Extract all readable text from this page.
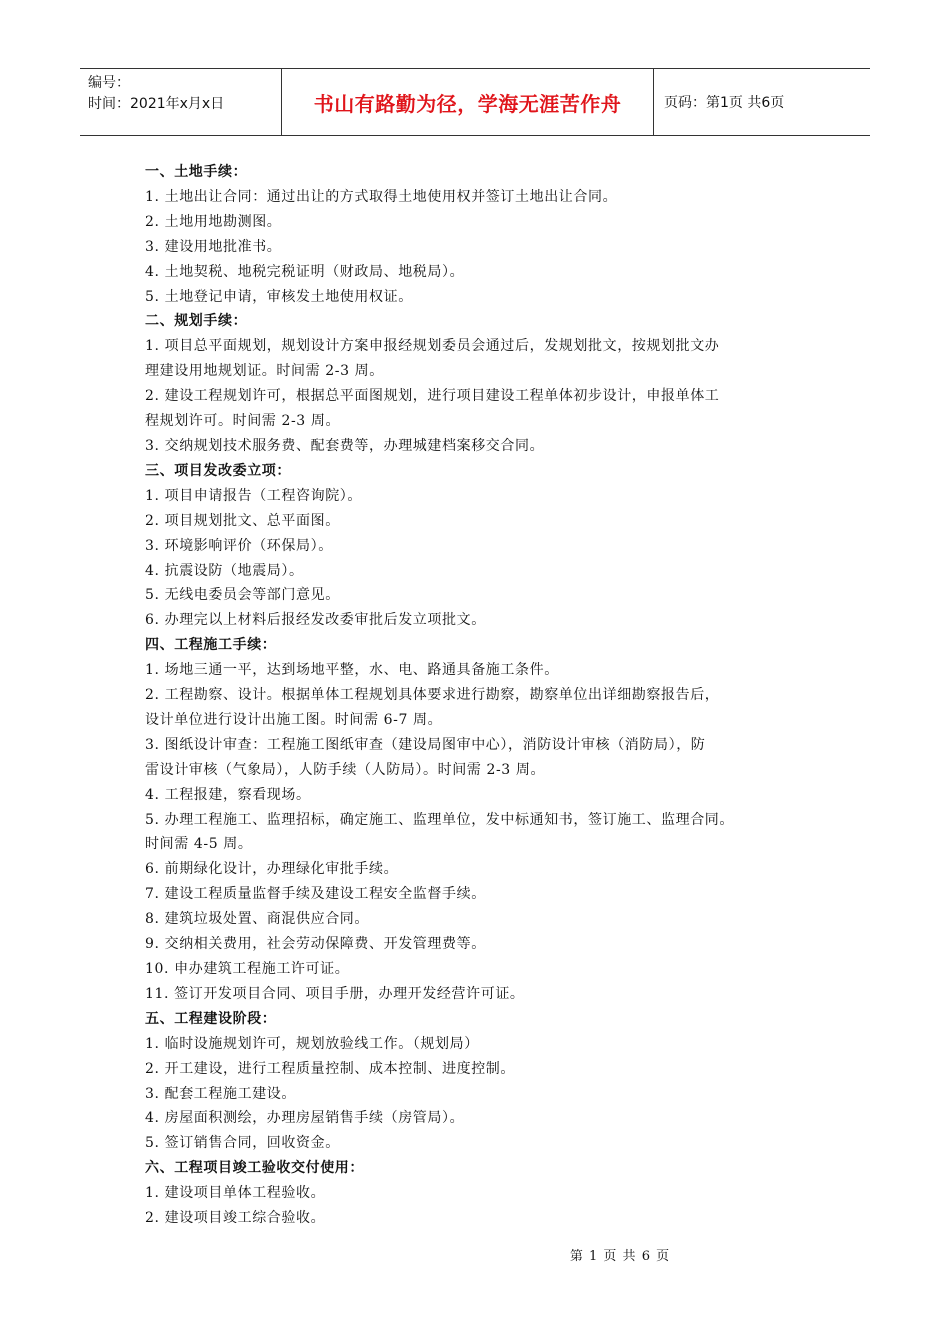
编号：
时间：2021年x月x日	书山有路勤为径，学海无涯苦作舟	页码：第1页 共6页

一、土地手续：

1. 土地出让合同：通过出让的方式取得土地使用权并签订土地出让合同。

2. 土地用地勘测图。

3. 建设用地批准书。

4. 土地契税、地税完税证明（财政局、地税局）。

5. 土地登记申请，审核发土地使用权证。

二、规划手续：

1. 项目总平面规划，规划设计方案申报经规划委员会通过后，发规划批文，按规划批文办

理建设用地规划证。时间需 2-3 周。

2. 建设工程规划许可，根据总平面图规划，进行项目建设工程单体初步设计，申报单体工

程规划许可。时间需 2-3 周。

3. 交纳规划技术服务费、配套费等，办理城建档案移交合同。

三、项目发改委立项：

1. 项目申请报告（工程咨询院）。

2. 项目规划批文、总平面图。

3. 环境影响评价（环保局）。

4. 抗震设防（地震局）。

5. 无线电委员会等部门意见。

6. 办理完以上材料后报经发改委审批后发立项批文。

四、工程施工手续：

1. 场地三通一平，达到场地平整，水、电、路通具备施工条件。

2. 工程勘察、设计。根据单体工程规划具体要求进行勘察，勘察单位出详细勘察报告后，

设计单位进行设计出施工图。时间需 6-7 周。

3. 图纸设计审查：工程施工图纸审查（建设局图审中心），消防设计审核（消防局），防

雷设计审核（气象局），人防手续（人防局）。时间需 2-3 周。

4. 工程报建，察看现场。

5. 办理工程施工、监理招标，确定施工、监理单位，发中标通知书，签订施工、监理合同。

时间需 4-5 周。

6. 前期绿化设计，办理绿化审批手续。

7. 建设工程质量监督手续及建设工程安全监督手续。

8. 建筑垃圾处置、商混供应合同。

9. 交纳相关费用，社会劳动保障费、开发管理费等。

10. 申办建筑工程施工许可证。

11. 签订开发项目合同、项目手册，办理开发经营许可证。

五、工程建设阶段：

1. 临时设施规划许可，规划放验线工作。（规划局）

2. 开工建设，进行工程质量控制、成本控制、进度控制。

3. 配套工程施工建设。

4. 房屋面积测绘，办理房屋销售手续（房管局）。

5. 签订销售合同，回收资金。

六、工程项目竣工验收交付使用：

1. 建设项目单体工程验收。

2. 建设项目竣工综合验收。

第 1 页 共 6 页
